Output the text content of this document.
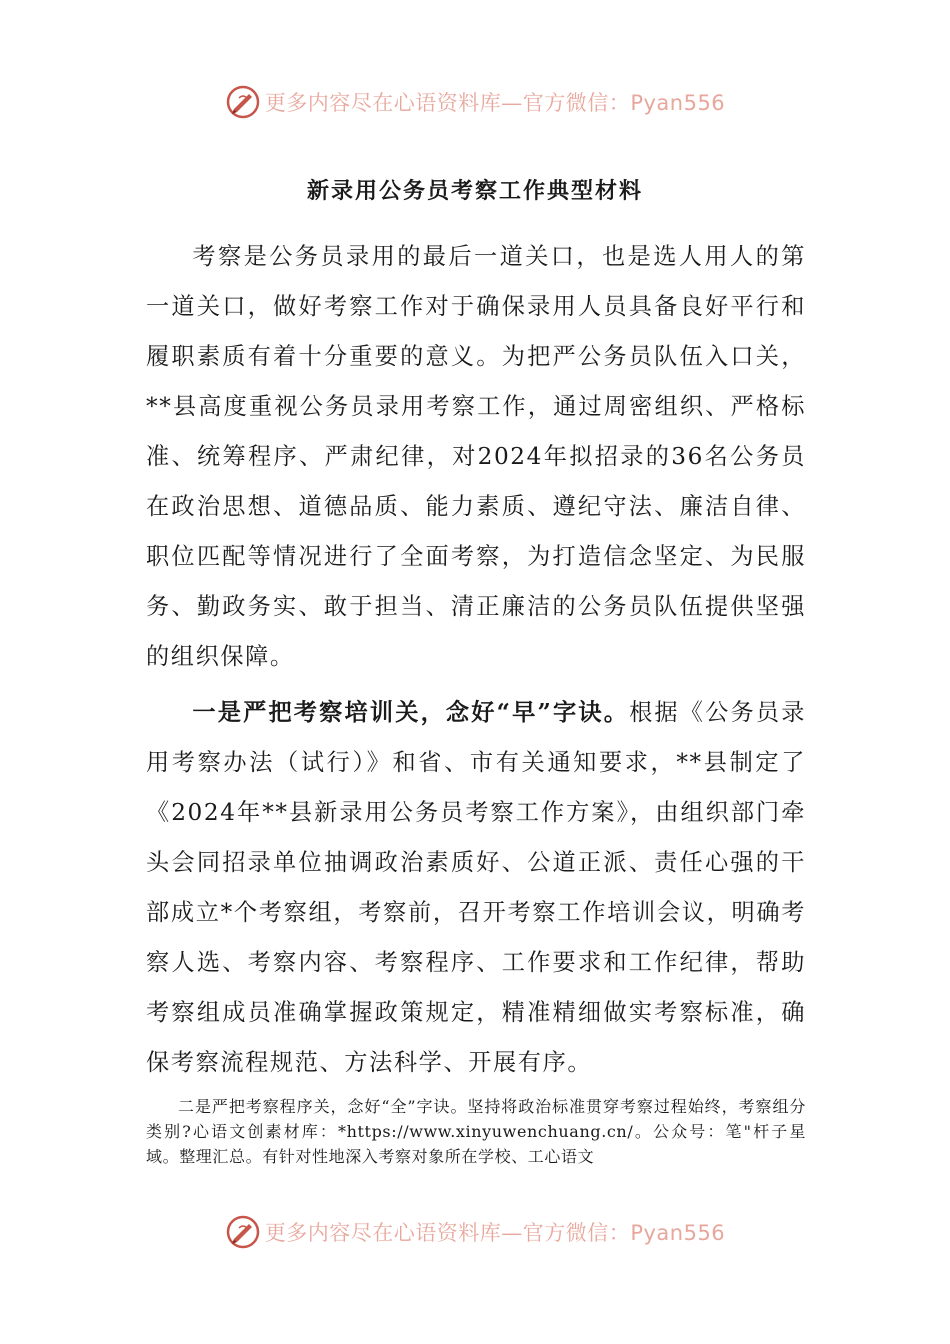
更多内容尽在心语资料库—官方微信：Pyan556
新录用公务员考察工作典型材料

考察是公务员录用的最后一道关口，也是选人用人的第一道关口，做好考察工作对于确保录用人员具备良好平行和履职素质有着十分重要的意义。为把严公务员队伍入口关，**县高度重视公务员录用考察工作，通过周密组织、严格标准、统筹程序、严肃纪律，对2024年拟招录的36名公务员在政治思想、道德品质、能力素质、遵纪守法、廉洁自律、职位匹配等情况进行了全面考察，为打造信念坚定、为民服务、勤政务实、敢于担当、清正廉洁的公务员队伍提供坚强的组织保障。

一是严把考察培训关，念好“早”字诀。根据《公务员录用考察办法（试行）》和省、市有关通知要求，**县制定了《2024年**县新录用公务员考察工作方案》，由组织部门牵头会同招录单位抽调政治素质好、公道正派、责任心强的干部成立*个考察组，考察前，召开考察工作培训会议，明确考察人选、考察内容、考察程序、工作要求和工作纪律，帮助考察组成员准确掌握政策规定，精准精细做实考察标准，确保考察流程规范、方法科学、开展有序。

二是严把考察程序关，念好“全”字诀。坚持将政治标准贯穿考察过程始终，考察组分类别?心语文创素材库：*https://www.xinyuwenchuang.cn/。公众号：笔"杆子星域。整理汇总。有针对性地深入考察对象所在学校、工心语文

更多内容尽在心语资料库—官方微信：Pyan556
